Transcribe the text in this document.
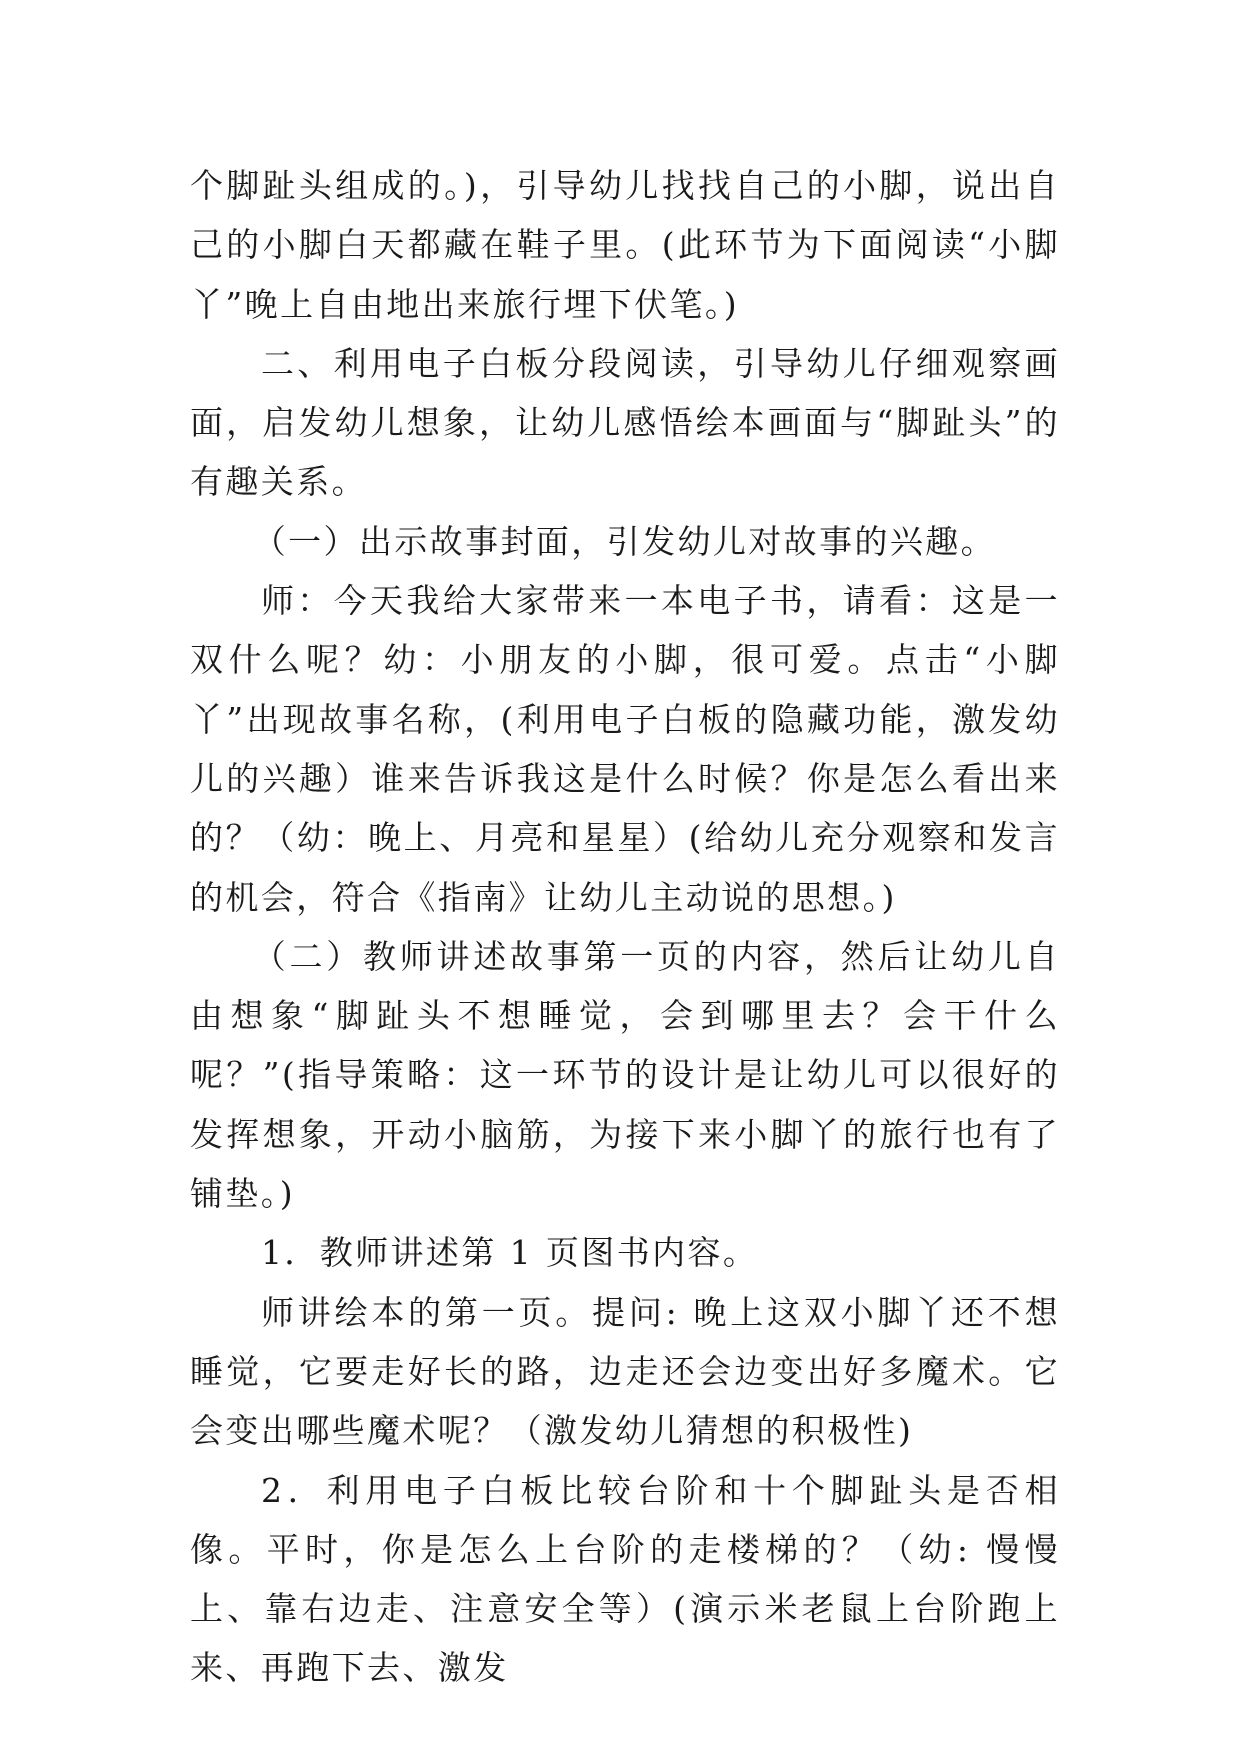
个脚趾头组成的。)，引导幼儿找找自己的小脚，说出自己的小脚白天都藏在鞋子里。(此环节为下面阅读“小脚丫”晚上自由地出来旅行埋下伏笔。)

二、利用电子白板分段阅读，引导幼儿仔细观察画面，启发幼儿想象，让幼儿感悟绘本画面与“脚趾头”的有趣关系。

（一）出示故事封面，引发幼儿对故事的兴趣。

师：今天我给大家带来一本电子书，请看：这是一双什么呢？幼：小朋友的小脚，很可爱。点击“小脚丫”出现故事名称，(利用电子白板的隐藏功能，激发幼儿的兴趣）谁来告诉我这是什么时候？你是怎么看出来的？（幼：晚上、月亮和星星）(给幼儿充分观察和发言的机会，符合《指南》让幼儿主动说的思想。)

（二）教师讲述故事第一页的内容，然后让幼儿自由想象“脚趾头不想睡觉，会到哪里去？会干什么呢？”(指导策略：这一环节的设计是让幼儿可以很好的发挥想象，开动小脑筋，为接下来小脚丫的旅行也有了铺垫。)

1．教师讲述第 1 页图书内容。

师讲绘本的第一页。提问: 晚上这双小脚丫还不想睡觉，它要走好长的路，边走还会边变出好多魔术。它会变出哪些魔术呢？（激发幼儿猜想的积极性)

2．利用电子白板比较台阶和十个脚趾头是否相像。平时，你是怎么上台阶的走楼梯的？（幼: 慢慢上、靠右边走、注意安全等）(演示米老鼠上台阶跑上来、再跑下去、激发
